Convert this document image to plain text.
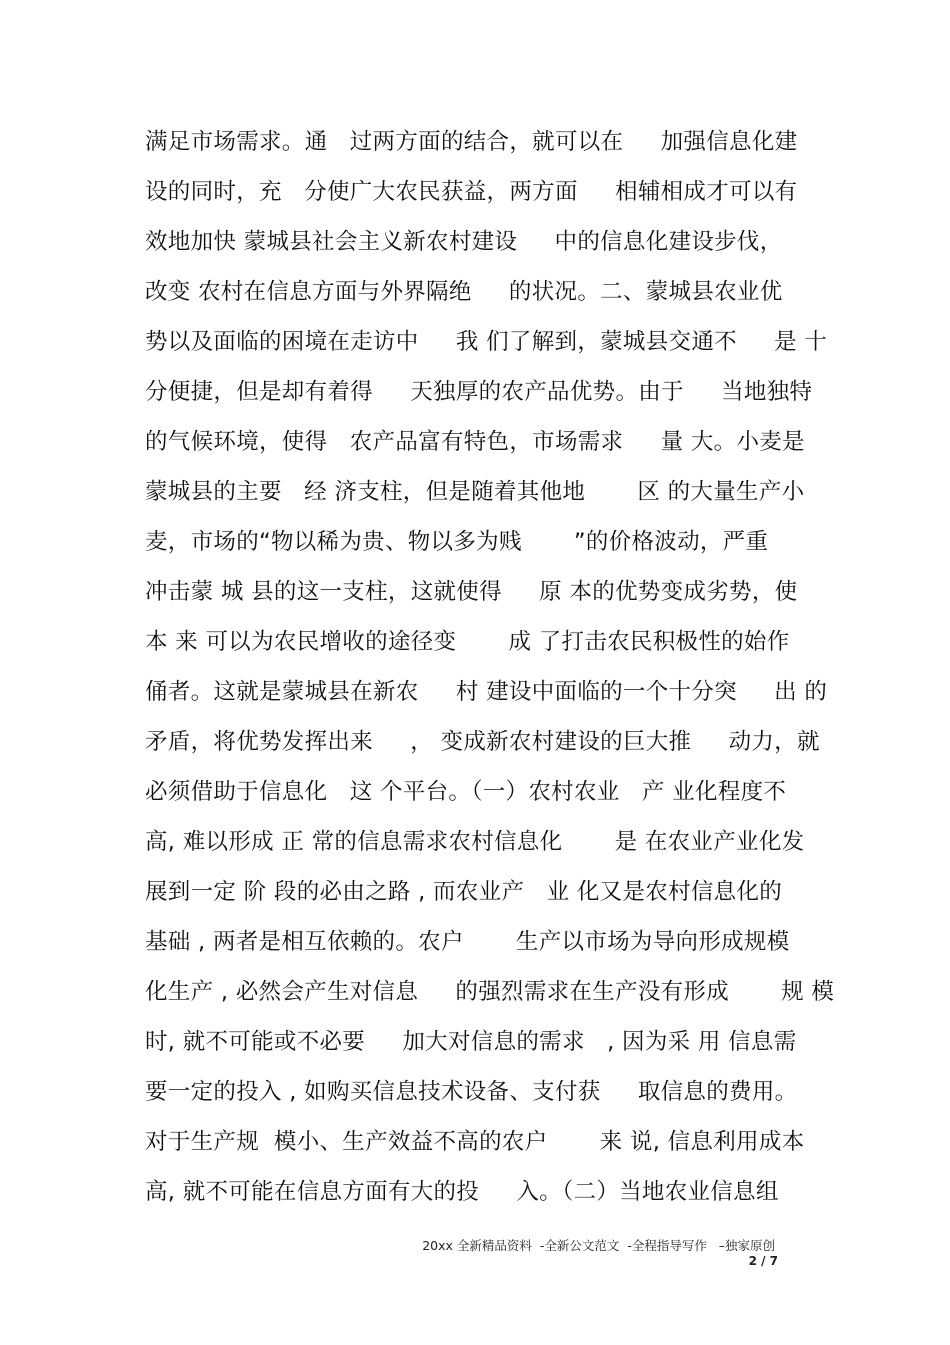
满足市场需求。通   过两方面的结合，就可以在     加强信息化建
设的同时，充   分使广大农民获益，两方面     相辅相成才可以有
效地加快 蒙城县社会主义新农村建设     中的信息化建设步伐，
改变 农村在信息方面与外界隔绝     的状况。二、蒙城县农业优
势以及面临的困境在走访中     我 们了解到，蒙城县交通不     是 十
分便捷，但是却有着得     天独厚的农产品优势。由于     当地独特
的气候环境，使得   农产品富有特色，市场需求     量 大。小麦是
蒙城县的主要   经 济支柱，但是随着其他地       区 的大量生产小
麦，市场的“物以稀为贵、物以多为贱       ”的价格波动，严重
冲击蒙 城 县的这一支柱，这就使得     原 本的优势变成劣势，使
本 来 可以为农民增收的途径变       成 了打击农民积极性的始作
俑者。这就是蒙城县在新农     村 建设中面临的一个十分突     出 的
矛盾，将优势发挥出来     ， 变成新农村建设的巨大推     动力，就
必须借助于信息化   这 个平台。（一）农村农业   产 业化程度不
高, 难以形成 正 常的信息需求农村信息化       是 在农业产业化发
展到一定 阶 段的必由之路 , 而农业产   业 化又是农村信息化的
基础 , 两者是相互依赖的。农户       生产以市场为导向形成规模
化生产 , 必然会产生对信息     的强烈需求在生产没有形成       规 模
时, 就不可能或不必要     加大对信息的需求   , 因为采 用 信息需
要一定的投入 , 如购买信息技术设备、支付获     取信息的费用。
对于生产规  模小、生产效益不高的农户       来 说, 信息利用成本
高, 就不可能在信息方面有大的投     入。（二）当地农业信息组
20xx 全新精品资料  -全新公文范文  -全程指导写作   –独家原创
2 / 7
